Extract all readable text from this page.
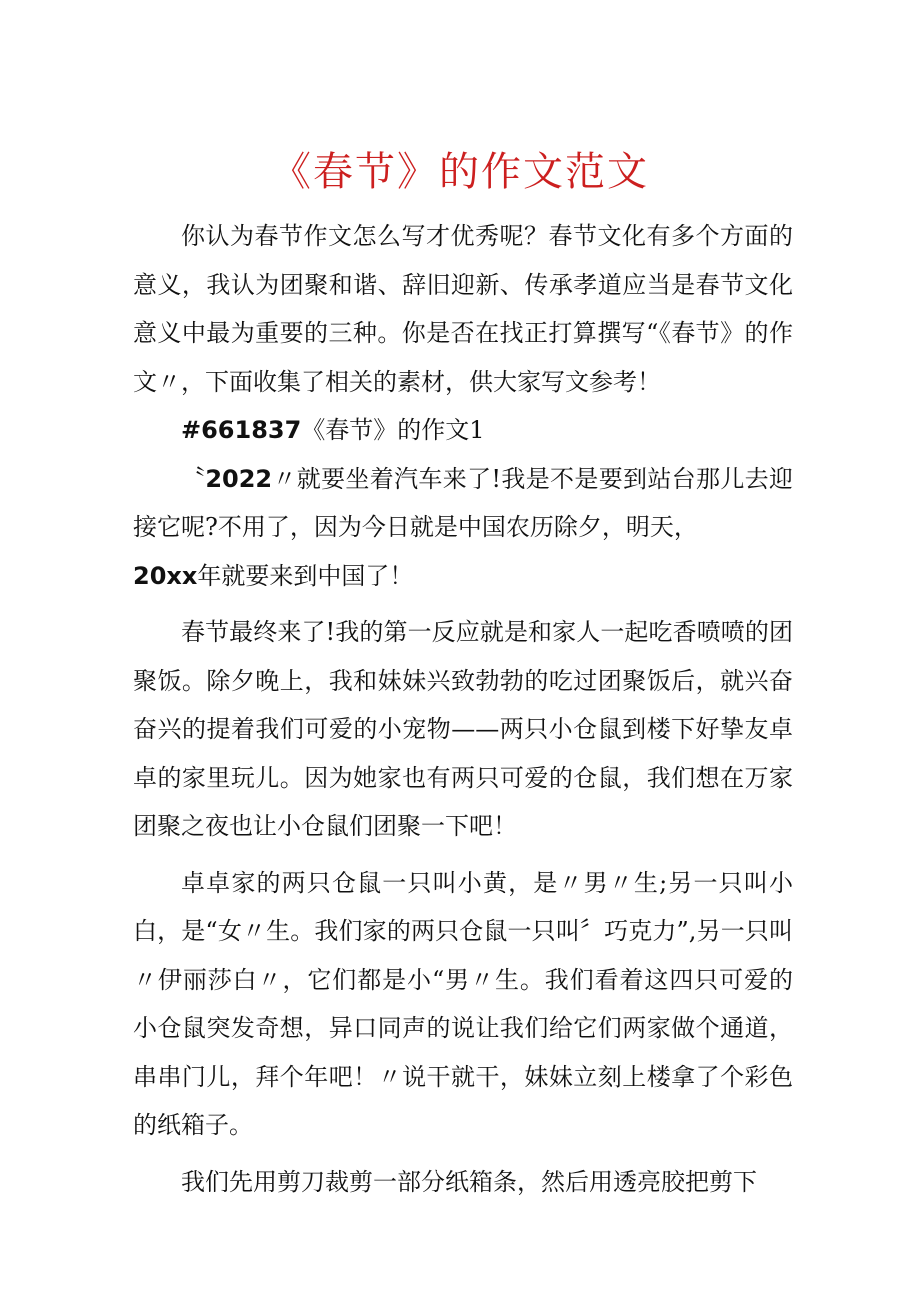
《春节》的作文范文

你认为春节作文怎么写才优秀呢？春节文化有多个方面的意义，我认为团聚和谐、辞旧迎新、传承孝道应当是春节文化意义中最为重要的三种。你是否在找正打算撰写“《春节》的作文〃，下面收集了相关的素材，供大家写文参考！

#661837《春节》的作文1

〝2022〃就要坐着汽车来了!我是不是要到站台那儿去迎接它呢?不用了，因为今日就是中国农历除夕，明天，

20xx年就要来到中国了！

春节最终来了!我的第一反应就是和家人一起吃香喷喷的团聚饭。除夕晚上，我和妹妹兴致勃勃的吃过团聚饭后，就兴奋奋兴的提着我们可爱的小宠物——两只小仓鼠到楼下好挚友卓卓的家里玩儿。因为她家也有两只可爱的仓鼠，我们想在万家团聚之夜也让小仓鼠们团聚一下吧！

卓卓家的两只仓鼠一只叫小黄，是〃男〃生;另一只叫小白，是“女〃生。我们家的两只仓鼠一只叫〞巧克力”,另一只叫〃伊丽莎白〃，它们都是小“男〃生。我们看着这四只可爱的小仓鼠突发奇想，异口同声的说让我们给它们两家做个通道，串串门儿，拜个年吧！〃说干就干，妹妹立刻上楼拿了个彩色的纸箱子。

我们先用剪刀裁剪一部分纸箱条，然后用透亮胶把剪下
